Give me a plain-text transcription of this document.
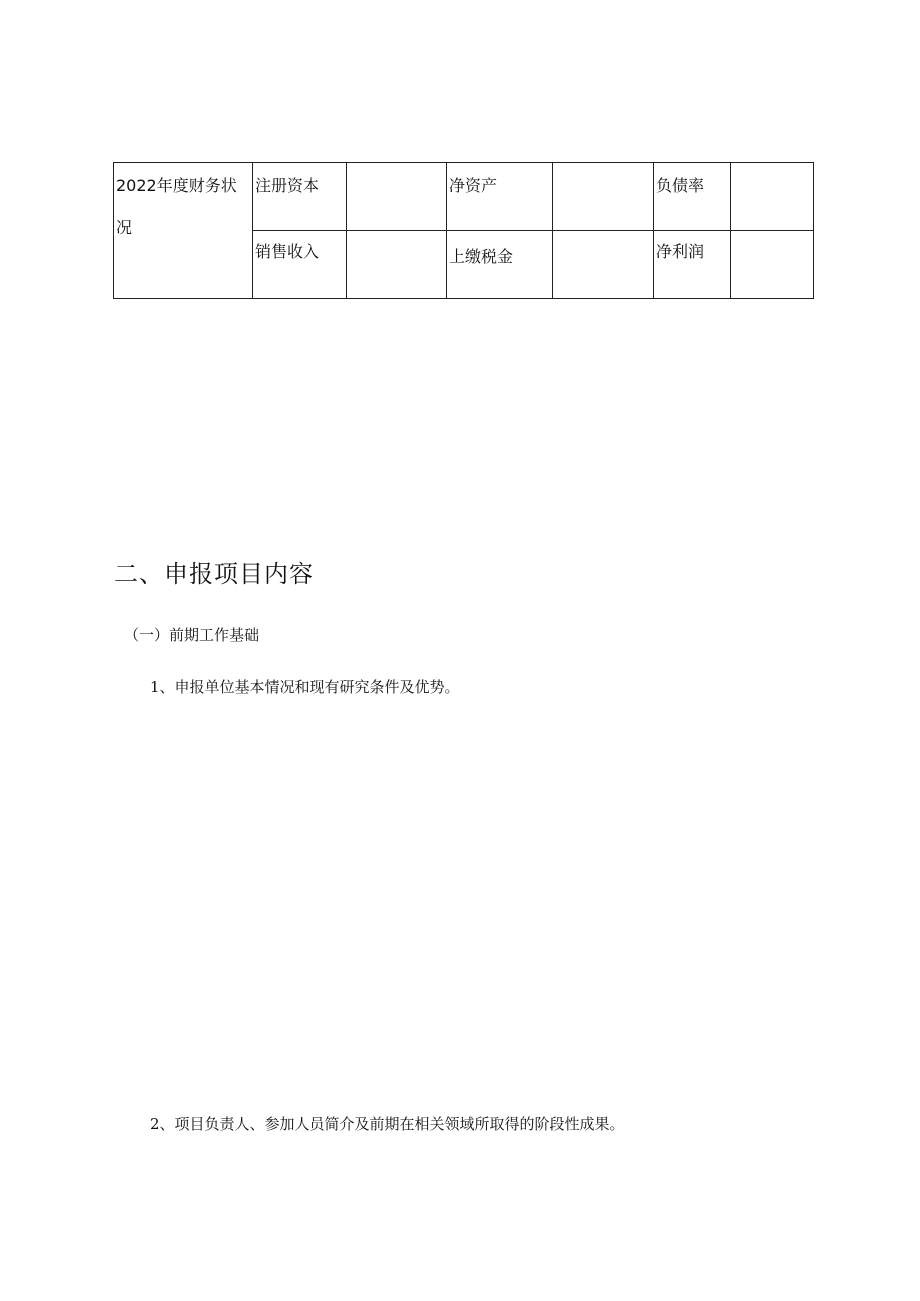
2022年度财务状况	注册资本		净资产		负债率	

	销售收入		上缴税金		净利润	

二、申报项目内容

（一）前期工作基础

1、申报单位基本情况和现有研究条件及优势。

2、项目负责人、参加人员简介及前期在相关领域所取得的阶段性成果。
